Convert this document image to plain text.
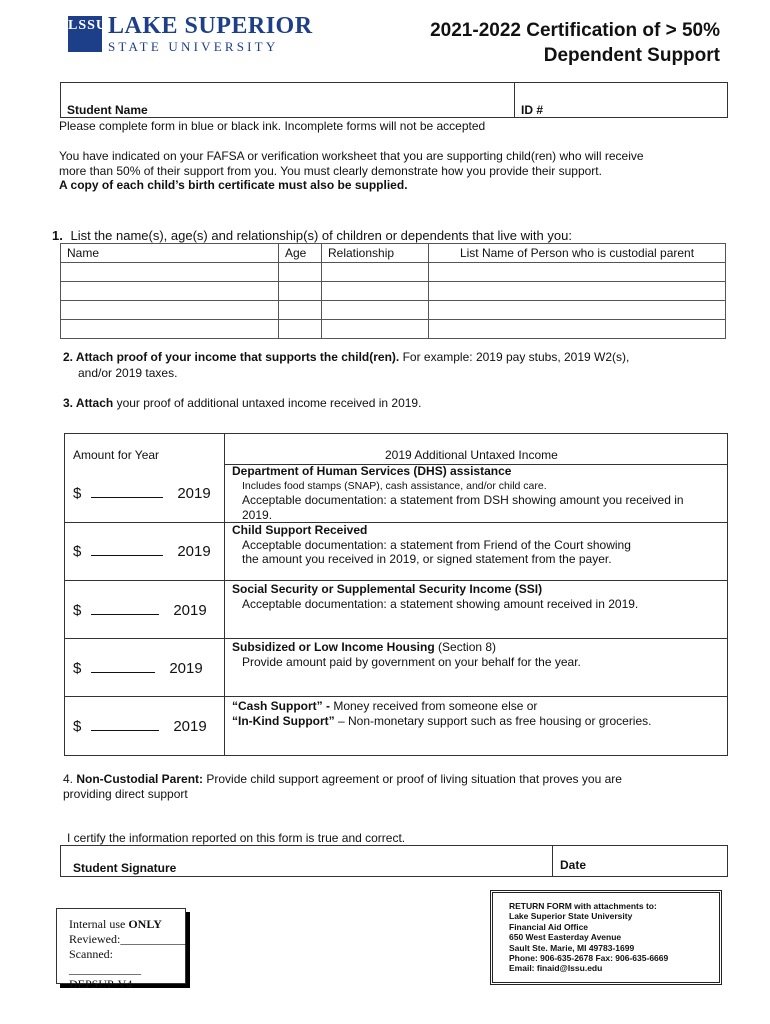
LSSU LAKE SUPERIOR
STATE UNIVERSITY
2021-2022 Certification of > 50%
Dependent Support
Student Name	ID #
Please complete form in blue or black ink. Incomplete forms will not be accepted
You have indicated on your FAFSA or verification worksheet that you are supporting child(ren) who will receive
more than 50% of their support from you. You must clearly demonstrate how you provide their support.
A copy of each child’s birth certificate must also be supplied.
1. List the name(s), age(s) and relationship(s) of children or dependents that live with you:
Name	Age	Relationship	List Name of Person who is custodial parent

2. Attach proof of your income that supports the child(ren). For example: 2019 pay stubs, 2019 W2(s),
and/or 2019 taxes.
3. Attach your proof of additional untaxed income received in 2019.
Amount for Year	2019 Additional Untaxed Income
$	2019
Department of Human Services (DHS) assistance
Includes food stamps (SNAP), cash assistance, and/or child care.
Acceptable documentation: a statement from DSH showing amount you received in
2019.
$	2019
Child Support Received
Acceptable documentation: a statement from Friend of the Court showing
the amount you received in 2019, or signed statement from the payer.
$	2019
Social Security or Supplemental Security Income (SSI)
Acceptable documentation: a statement showing amount received in 2019.
$	2019
Subsidized or Low Income Housing (Section 8)
Provide amount paid by government on your behalf for the year.
$	2019
“Cash Support” - Money received from someone else or
“In-Kind Support” – Non-monetary support such as free housing or groceries.
4. Non-Custodial Parent: Provide child support agreement or proof of living situation that proves you are
providing direct support
I certify the information reported on this form is true and correct.
Student Signature	Date
Internal use ONLY
Reviewed:___________
Scanned: ____________
DEPSUP-V4
RETURN FORM with attachments to:
Lake Superior State University
Financial Aid Office
650 West Easterday Avenue
Sault Ste. Marie, MI 49783-1699
Phone: 906-635-2678 Fax: 906-635-6669
Email: finaid@lssu.edu
